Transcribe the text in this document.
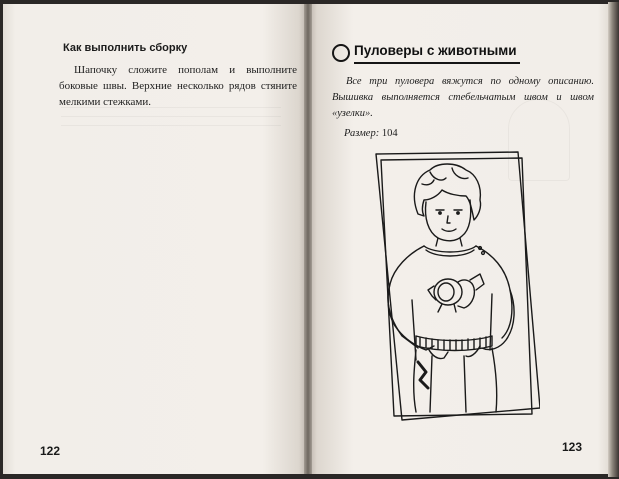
Как выполнить сборку
Шапочку сложите пополам и выполните боковые швы. Верхние несколько рядов стяните мелкими стежками.
122
Пуловеры с животными
Все три пуловера вяжутся по одному описанию. Вышивка выполняется стебельчатым швом и швом «узелки».
Размер: 104
123
